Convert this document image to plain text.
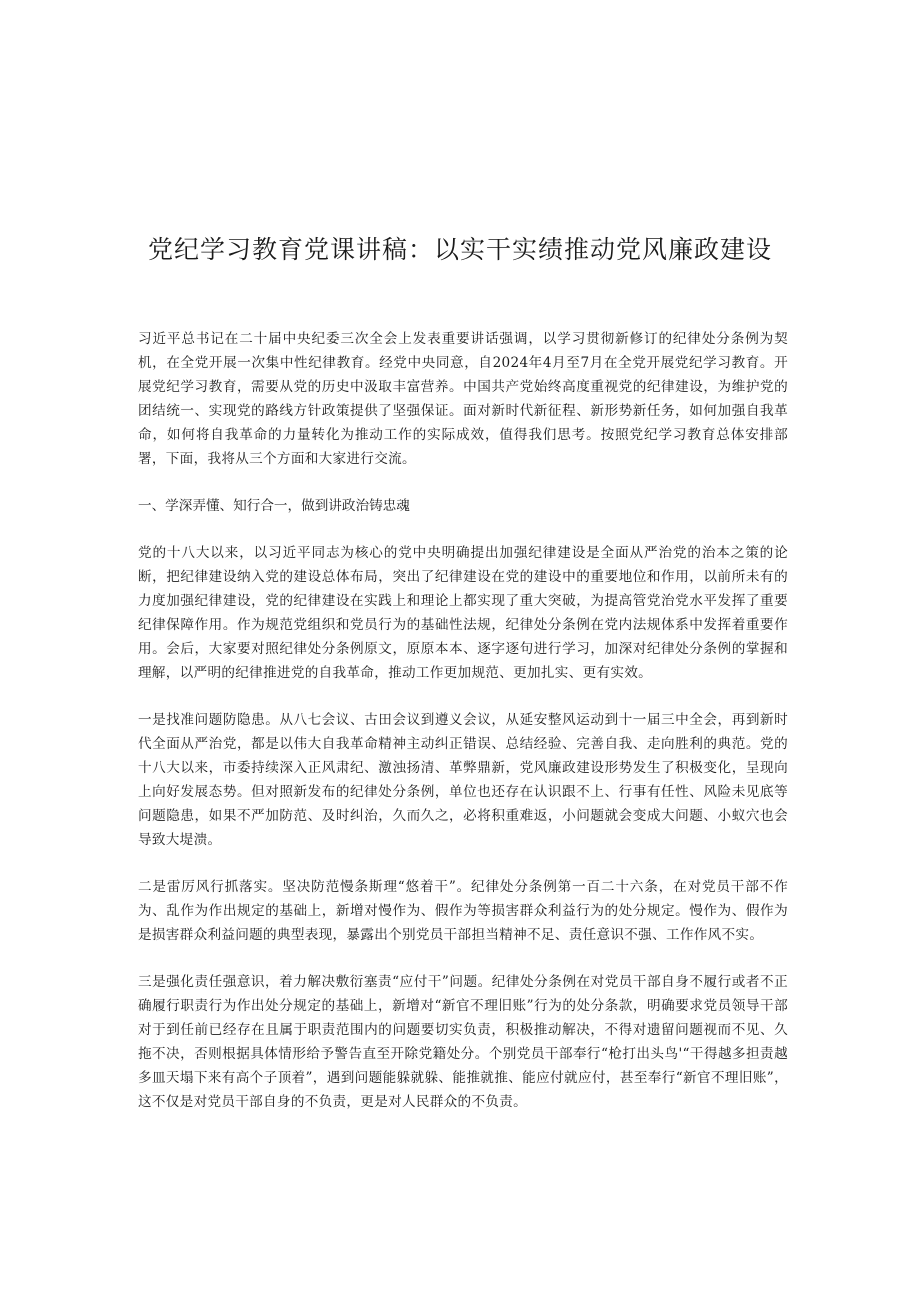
党纪学习教育党课讲稿：以实干实绩推动党风廉政建设

习近平总书记在二十届中央纪委三次全会上发表重要讲话强调，以学习贯彻新修订的纪律处分条例为契机，在全党开展一次集中性纪律教育。经党中央同意，自2024年4月至7月在全党开展党纪学习教育。开展党纪学习教育，需要从党的历史中汲取丰富营养。中国共产党始终高度重视党的纪律建设，为维护党的团结统一、实现党的路线方针政策提供了坚强保证。面对新时代新征程、新形势新任务，如何加强自我革命，如何将自我革命的力量转化为推动工作的实际成效，值得我们思考。按照党纪学习教育总体安排部署，下面，我将从三个方面和大家进行交流。

一、学深弄懂、知行合一，做到讲政治铸忠魂

党的十八大以来，以习近平同志为核心的党中央明确提出加强纪律建设是全面从严治党的治本之策的论断，把纪律建设纳入党的建设总体布局，突出了纪律建设在党的建设中的重要地位和作用，以前所未有的力度加强纪律建设，党的纪律建设在实践上和理论上都实现了重大突破，为提高管党治党水平发挥了重要纪律保障作用。作为规范党组织和党员行为的基础性法规，纪律处分条例在党内法规体系中发挥着重要作用。会后，大家要对照纪律处分条例原文，原原本本、逐字逐句进行学习，加深对纪律处分条例的掌握和理解，以严明的纪律推进党的自我革命，推动工作更加规范、更加扎实、更有实效。

一是找准问题防隐患。从八七会议、古田会议到遵义会议，从延安整风运动到十一届三中全会，再到新时代全面从严治党，都是以伟大自我革命精神主动纠正错误、总结经验、完善自我、走向胜利的典范。党的十八大以来，市委持续深入正风肃纪、激浊扬清、革弊鼎新，党风廉政建设形势发生了积极变化，呈现向上向好发展态势。但对照新发布的纪律处分条例，单位也还存在认识跟不上、行事有任性、风险未见底等问题隐患，如果不严加防范、及时纠治，久而久之，必将积重难返，小问题就会变成大问题、小蚁穴也会导致大堤溃。

二是雷厉风行抓落实。坚决防范慢条斯理“悠着干”。纪律处分条例第一百二十六条，在对党员干部不作为、乱作为作出规定的基础上，新增对慢作为、假作为等损害群众利益行为的处分规定。慢作为、假作为是损害群众利益问题的典型表现，暴露出个别党员干部担当精神不足、责任意识不强、工作作风不实。

三是强化责任强意识，着力解决敷衍塞责“应付干”问题。纪律处分条例在对党员干部自身不履行或者不正确履行职责行为作出处分规定的基础上，新增对“新官不理旧账”行为的处分条款，明确要求党员领导干部对于到任前已经存在且属于职责范围内的问题要切实负责，积极推动解决，不得对遗留问题视而不见、久拖不决，否则根据具体情形给予警告直至开除党籍处分。个别党员干部奉行“枪打出头鸟'“干得越多担责越多皿天塌下来有高个子顶着”，遇到问题能躲就躲、能推就推、能应付就应付，甚至奉行“新官不理旧账”，这不仅是对党员干部自身的不负责，更是对人民群众的不负责。
